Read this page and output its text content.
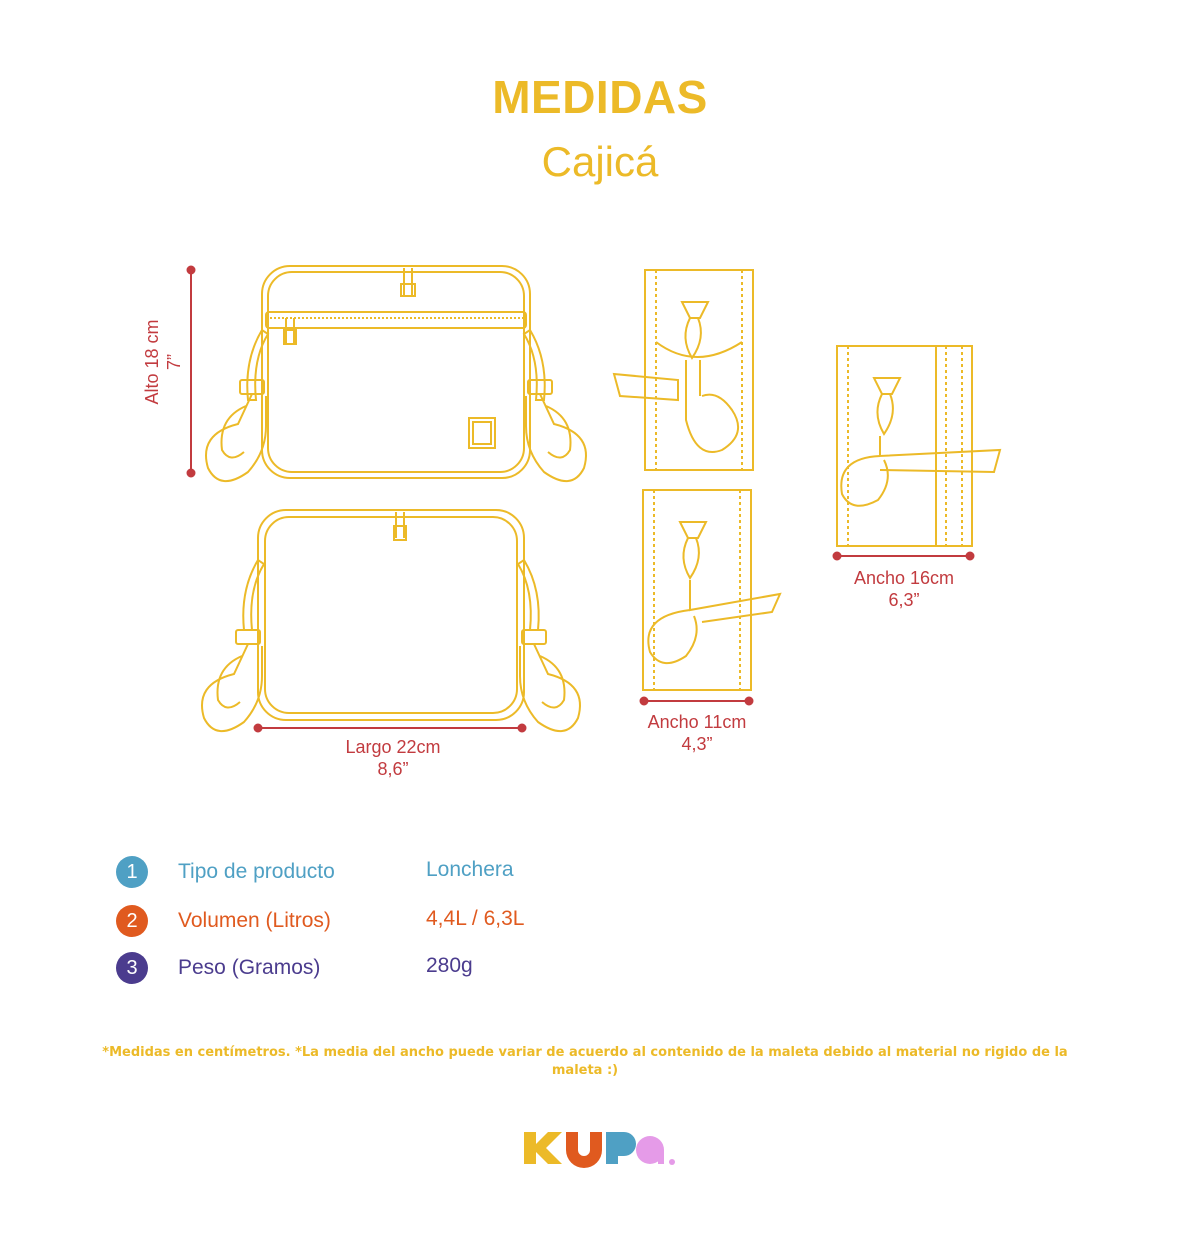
MEDIDAS
Cajicá
Alto 18 cm 7”
Largo 22cm
8,6”
Ancho 11cm
4,3”
Ancho 16cm
6,3”
1	Tipo de producto	Lonchera
2	Volumen (Litros)	4,4L / 6,3L
3	Peso (Gramos)	280g
*Medidas en centímetros. *La media del ancho puede variar de acuerdo al contenido de la maleta debido al material no rigido de la maleta :)
